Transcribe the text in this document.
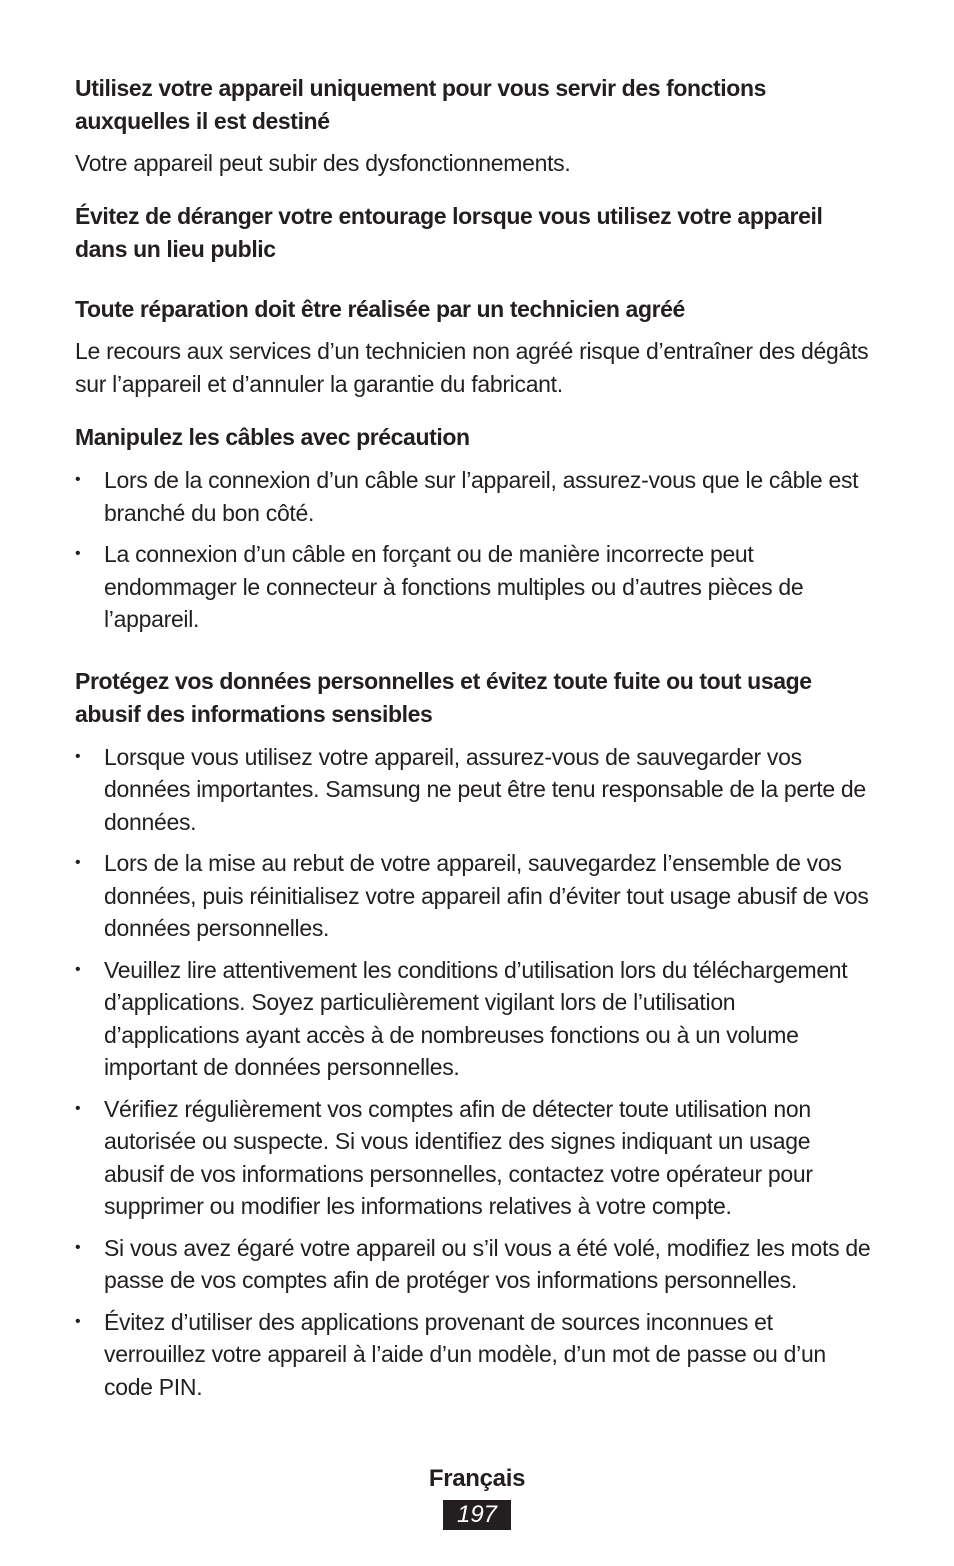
Utilisez votre appareil uniquement pour vous servir des fonctions auxquelles il est destiné

Votre appareil peut subir des dysfonctionnements.

Évitez de déranger votre entourage lorsque vous utilisez votre appareil dans un lieu public
Toute réparation doit être réalisée par un technicien agréé

Le recours aux services d’un technicien non agréé risque d’entraîner des dégâts sur l’appareil et d’annuler la garantie du fabricant.

Manipulez les câbles avec précaution
• Lors de la connexion d’un câble sur l’appareil, assurez-vous que le câble est branché du bon côté.
• La connexion d’un câble en forçant ou de manière incorrecte peut endommager le connecteur à fonctions multiples ou d’autres pièces de l’appareil.
Protégez vos données personnelles et évitez toute fuite ou tout usage abusif des informations sensibles
• Lorsque vous utilisez votre appareil, assurez-vous de sauvegarder vos données importantes. Samsung ne peut être tenu responsable de la perte de données.
• Lors de la mise au rebut de votre appareil, sauvegardez l’ensemble de vos données, puis réinitialisez votre appareil afin d’éviter tout usage abusif de vos données personnelles.
• Veuillez lire attentivement les conditions d’utilisation lors du téléchargement d’applications. Soyez particulièrement vigilant lors de l’utilisation d’applications ayant accès à de nombreuses fonctions ou à un volume important de données personnelles.
• Vérifiez régulièrement vos comptes afin de détecter toute utilisation non autorisée ou suspecte. Si vous identifiez des signes indiquant un usage abusif de vos informations personnelles, contactez votre opérateur pour supprimer ou modifier les informations relatives à votre compte.
• Si vous avez égaré votre appareil ou s’il vous a été volé, modifiez les mots de passe de vos comptes afin de protéger vos informations personnelles.
• Évitez d’utiliser des applications provenant de sources inconnues et verrouillez votre appareil à l’aide d’un modèle, d’un mot de passe ou d’un code PIN.
Français
197
